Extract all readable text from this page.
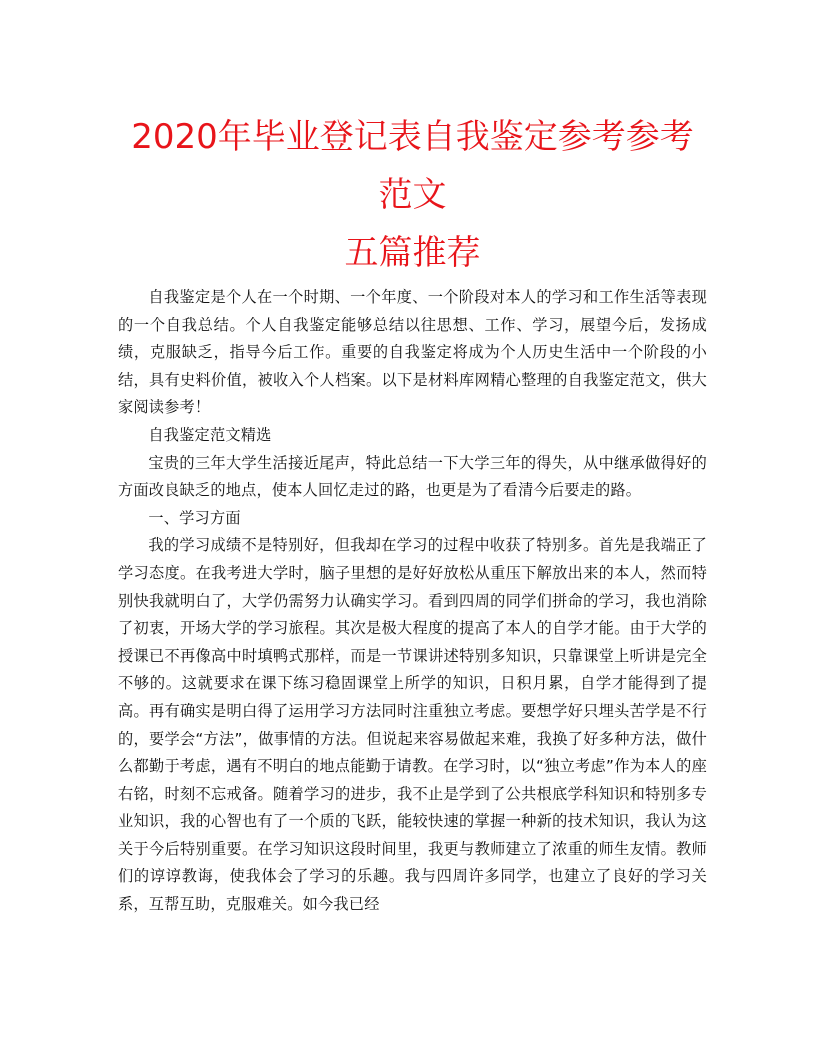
2020年毕业登记表自我鉴定参考参考范文
五篇推荐

自我鉴定是个人在一个时期、一个年度、一个阶段对本人的学习和工作生活等表现的一个自我总结。个人自我鉴定能够总结以往思想、工作、学习，展望今后，发扬成绩，克服缺乏，指导今后工作。重要的自我鉴定将成为个人历史生活中一个阶段的小结，具有史料价值，被收入个人档案。以下是材料库网精心整理的自我鉴定范文，供大家阅读参考！

自我鉴定范文精选

宝贵的三年大学生活接近尾声，特此总结一下大学三年的得失，从中继承做得好的方面改良缺乏的地点，使本人回忆走过的路，也更是为了看清今后要走的路。

一、学习方面

我的学习成绩不是特别好，但我却在学习的过程中收获了特别多。首先是我端正了学习态度。在我考进大学时，脑子里想的是好好放松从重压下解放出来的本人，然而特别快我就明白了，大学仍需努力认确实学习。看到四周的同学们拼命的学习，我也消除了初衷，开场大学的学习旅程。其次是极大程度的提高了本人的自学才能。由于大学的授课已不再像高中时填鸭式那样，而是一节课讲述特别多知识，只靠课堂上听讲是完全不够的。这就要求在课下练习稳固课堂上所学的知识，日积月累，自学才能得到了提高。再有确实是明白得了运用学习方法同时注重独立考虑。要想学好只埋头苦学是不行的，要学会“方法”，做事情的方法。但说起来容易做起来难，我换了好多种方法，做什么都勤于考虑，遇有不明白的地点能勤于请教。在学习时，以“独立考虑”作为本人的座右铭，时刻不忘戒备。随着学习的进步，我不止是学到了公共根底学科知识和特别多专业知识，我的心智也有了一个质的飞跃，能较快速的掌握一种新的技术知识，我认为这关于今后特别重要。在学习知识这段时间里，我更与教师建立了浓重的师生友情。教师们的谆谆教诲，使我体会了学习的乐趣。我与四周许多同学，也建立了良好的学习关系，互帮互助，克服难关。如今我已经
